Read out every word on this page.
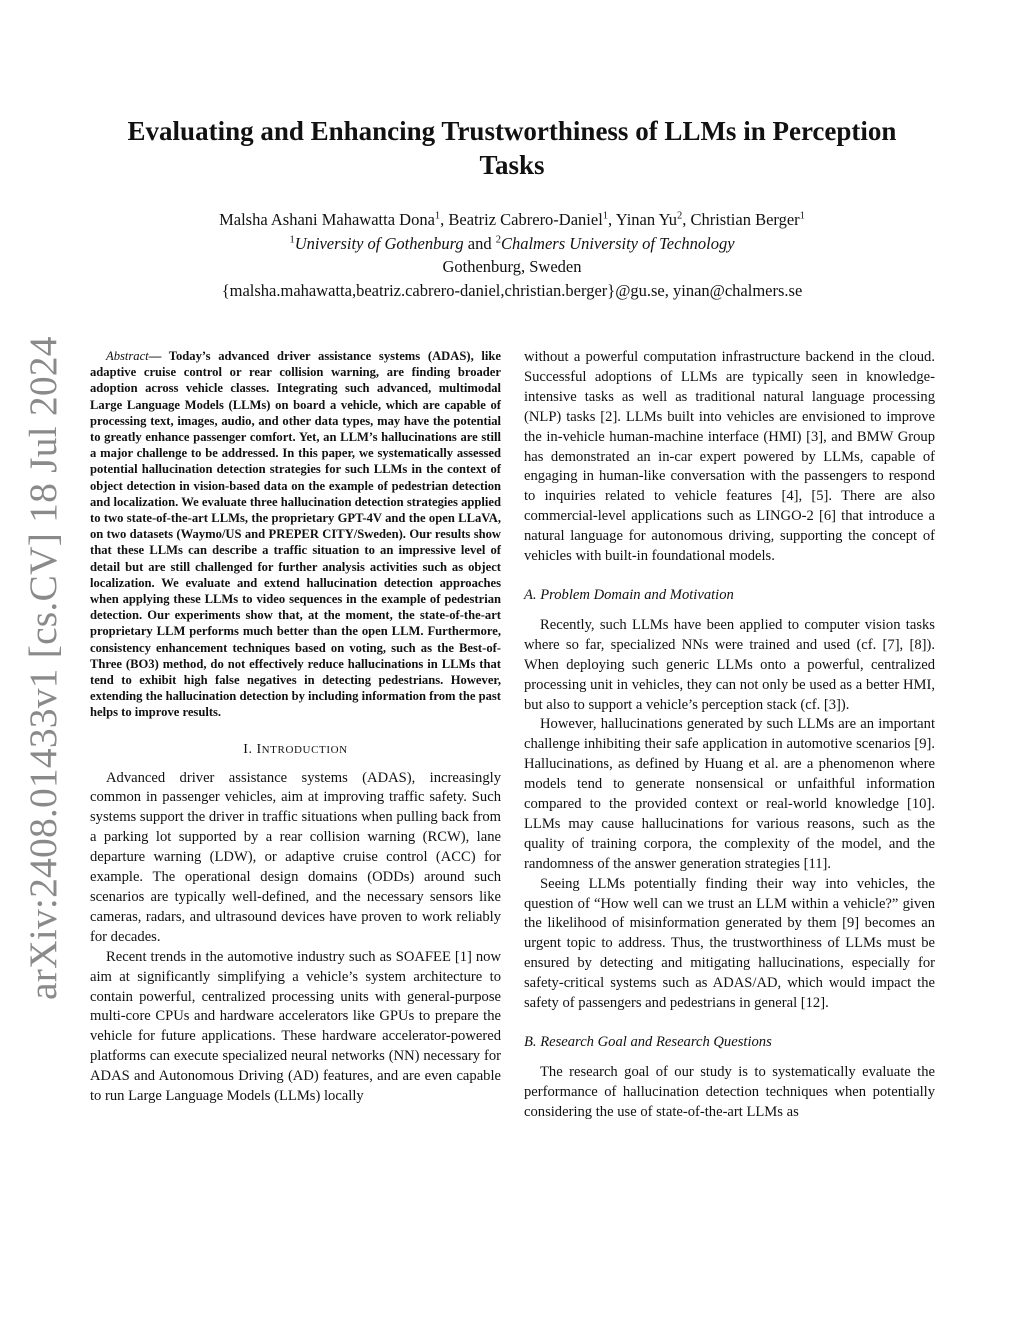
arXiv:2408.01433v1 [cs.CV] 18 Jul 2024
Evaluating and Enhancing Trustworthiness of LLMs in Perception Tasks
Malsha Ashani Mahawatta Dona$^1$, Beatriz Cabrero-Daniel$^1$, Yinan Yu$^2$, Christian Berger$^1$
$^1$University of Gothenburg and $^2$Chalmers University of Technology
Gothenburg, Sweden
{malsha.mahawatta,beatriz.cabrero-daniel,christian.berger}@gu.se, yinan@chalmers.se

Abstract— Today’s advanced driver assistance systems (ADAS), like adaptive cruise control or rear collision warning, are finding broader adoption across vehicle classes. Integrating such advanced, multimodal Large Language Models (LLMs) on board a vehicle, which are capable of processing text, images, audio, and other data types, may have the potential to greatly enhance passenger comfort. Yet, an LLM’s hallucinations are still a major challenge to be addressed. In this paper, we systematically assessed potential hallucination detection strategies for such LLMs in the context of object detection in vision-based data on the example of pedestrian detection and localization. We evaluate three hallucination detection strategies applied to two state-of-the-art LLMs, the proprietary GPT-4V and the open LLaVA, on two datasets (Waymo/US and PREPER CITY/Sweden). Our results show that these LLMs can describe a traffic situation to an impressive level of detail but are still challenged for further analysis activities such as object localization. We evaluate and extend hallucination detection approaches when applying these LLMs to video sequences in the example of pedestrian detection. Our experiments show that, at the moment, the state-of-the-art proprietary LLM performs much better than the open LLM. Furthermore, consistency enhancement techniques based on voting, such as the Best-of-Three (BO3) method, do not effectively reduce hallucinations in LLMs that tend to exhibit high false negatives in detecting pedestrians. However, extending the hallucination detection by including information from the past helps to improve results.

I. INTRODUCTION

Advanced driver assistance systems (ADAS), increasingly common in passenger vehicles, aim at improving traffic safety. Such systems support the driver in traffic situations when pulling back from a parking lot supported by a rear collision warning (RCW), lane departure warning (LDW), or adaptive cruise control (ACC) for example. The operational design domains (ODDs) around such scenarios are typically well-defined, and the necessary sensors like cameras, radars, and ultrasound devices have proven to work reliably for decades.

Recent trends in the automotive industry such as SOAFEE [1] now aim at significantly simplifying a vehicle’s system architecture to contain powerful, centralized processing units with general-purpose multi-core CPUs and hardware accelerators like GPUs to prepare the vehicle for future applications. These hardware accelerator-powered platforms can execute specialized neural networks (NN) necessary for ADAS and Autonomous Driving (AD) features, and are even capable to run Large Language Models (LLMs) locally

without a powerful computation infrastructure backend in the cloud. Successful adoptions of LLMs are typically seen in knowledge-intensive tasks as well as traditional natural language processing (NLP) tasks [2]. LLMs built into vehicles are envisioned to improve the in-vehicle human-machine interface (HMI) [3], and BMW Group has demonstrated an in-car expert powered by LLMs, capable of engaging in human-like conversation with the passengers to respond to inquiries related to vehicle features [4], [5]. There are also commercial-level applications such as LINGO-2 [6] that introduce a natural language for autonomous driving, supporting the concept of vehicles with built-in foundational models.

A. Problem Domain and Motivation

Recently, such LLMs have been applied to computer vision tasks where so far, specialized NNs were trained and used (cf. [7], [8]). When deploying such generic LLMs onto a powerful, centralized processing unit in vehicles, they can not only be used as a better HMI, but also to support a vehicle’s perception stack (cf. [3]).

However, hallucinations generated by such LLMs are an important challenge inhibiting their safe application in automotive scenarios [9]. Hallucinations, as defined by Huang et al. are a phenomenon where models tend to generate nonsensical or unfaithful information compared to the provided context or real-world knowledge [10]. LLMs may cause hallucinations for various reasons, such as the quality of training corpora, the complexity of the model, and the randomness of the answer generation strategies [11].

Seeing LLMs potentially finding their way into vehicles, the question of “How well can we trust an LLM within a vehicle?” given the likelihood of misinformation generated by them [9] becomes an urgent topic to address. Thus, the trustworthiness of LLMs must be ensured by detecting and mitigating hallucinations, especially for safety-critical systems such as ADAS/AD, which would impact the safety of passengers and pedestrians in general [12].

B. Research Goal and Research Questions

The research goal of our study is to systematically evaluate the performance of hallucination detection techniques when potentially considering the use of state-of-the-art LLMs as
